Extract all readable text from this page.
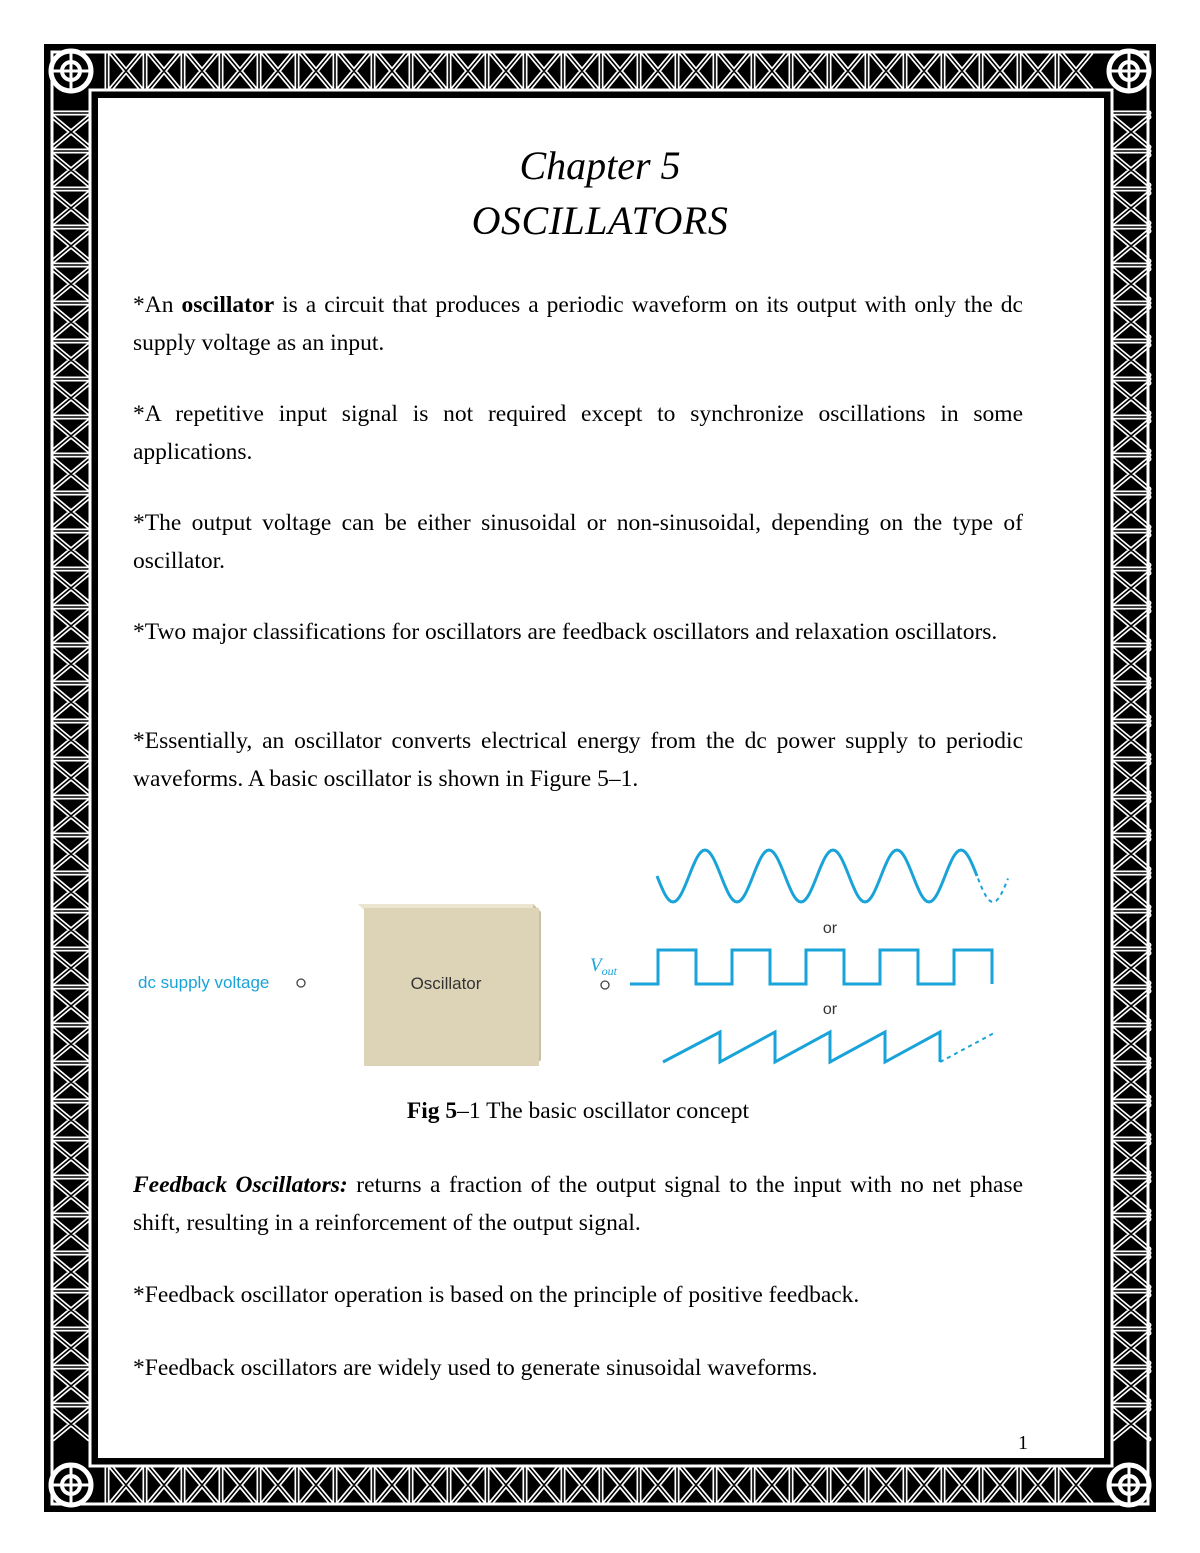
Chapter 5
OSCILLATORS

*An oscillator is a circuit that produces a periodic waveform on its output with only the dc supply voltage as an input.

*A repetitive input signal is not required except to synchronize oscillations in some applications.

*The output voltage can be either sinusoidal or non-sinusoidal, depending on the type of oscillator.

*Two major classifications for oscillators are feedback oscillators and relaxation oscillators.

*Essentially, an oscillator converts electrical energy from the dc power supply to periodic waveforms. A basic oscillator is shown in Figure 5–1.

dc supply voltage	Oscillator
$V_{out}$
or
or

Fig 5–1 The basic oscillator concept

Feedback Oscillators: returns a fraction of the output signal to the input with no net phase shift, resulting in a reinforcement of the output signal.

*Feedback oscillator operation is based on the principle of positive feedback.

*Feedback oscillators are widely used to generate sinusoidal waveforms.

1
